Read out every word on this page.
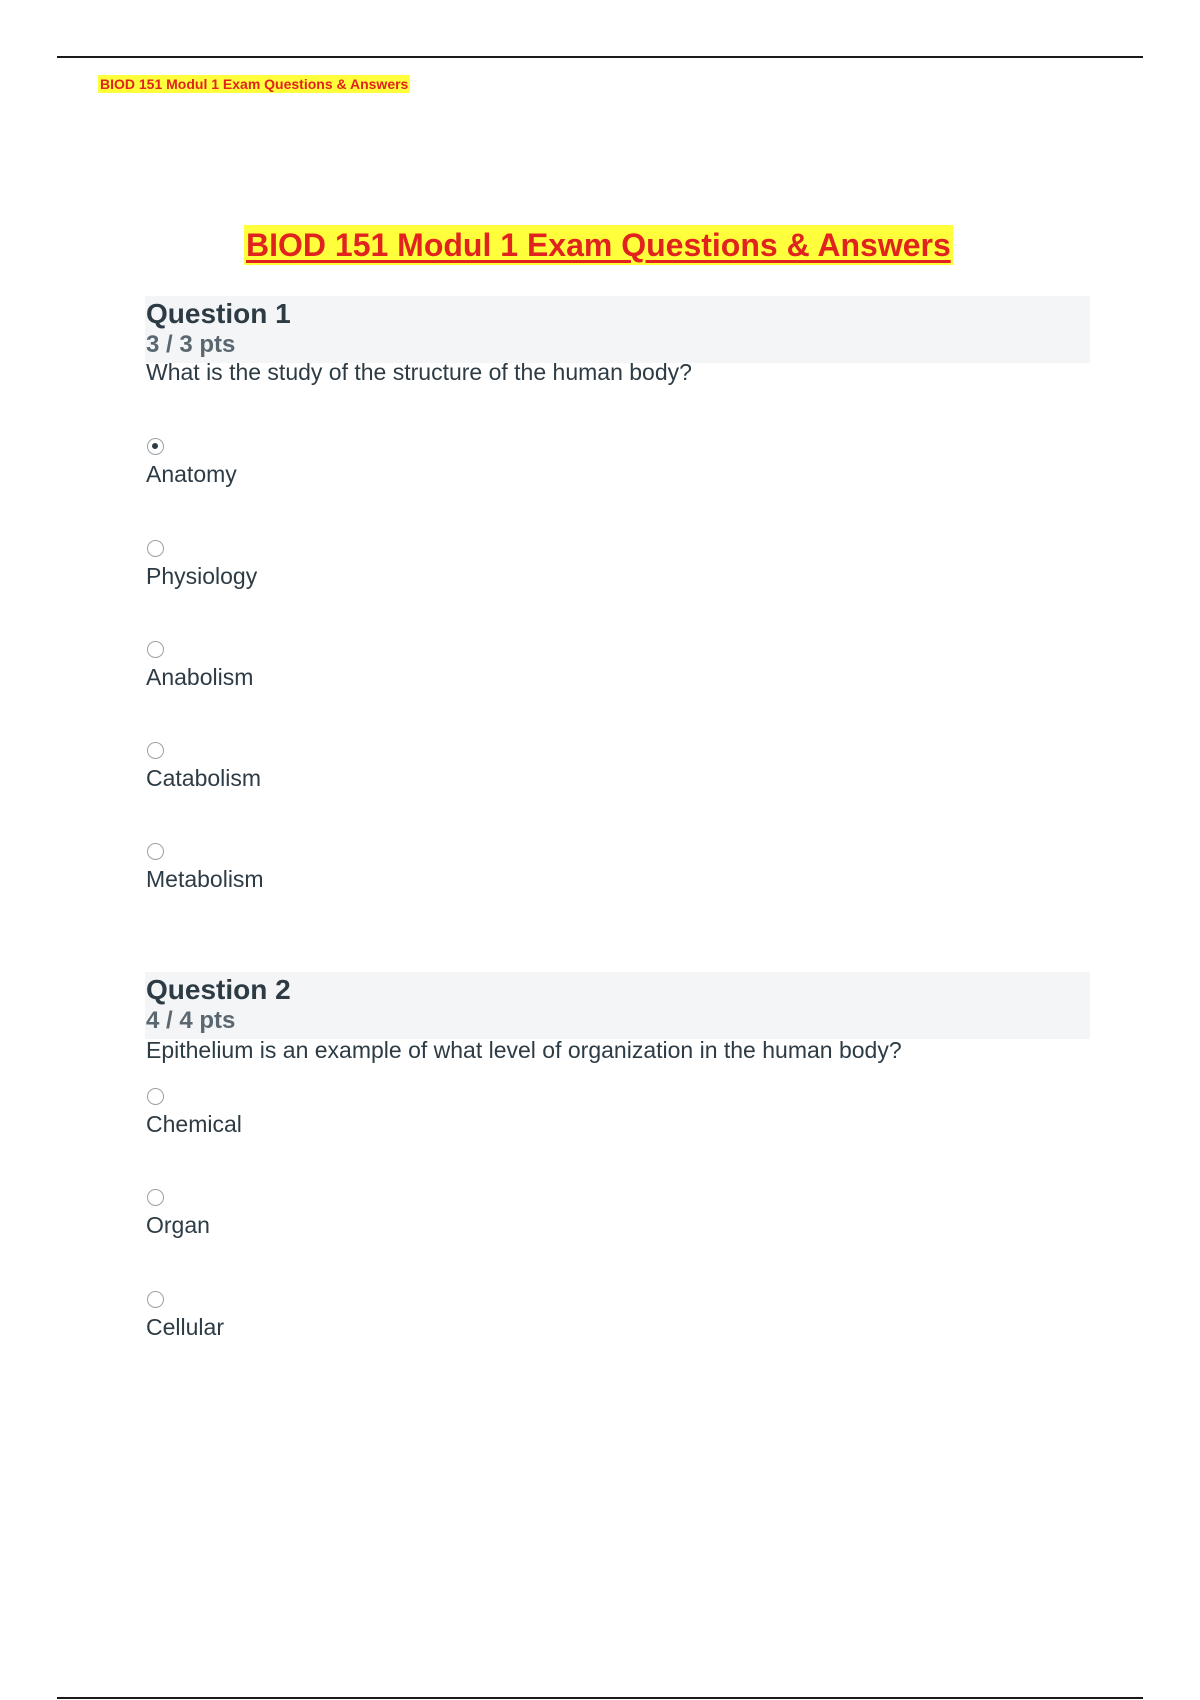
BIOD 151 Modul 1 Exam Questions & Answers
BIOD 151 Modul 1 Exam Questions & Answers
Question 1
3 / 3 pts
What is the study of the structure of the human body?
Anatomy
Physiology
Anabolism
Catabolism
Metabolism
Question 2
4 / 4 pts
Epithelium is an example of what level of organization in the human body?
Chemical
Organ
Cellular
